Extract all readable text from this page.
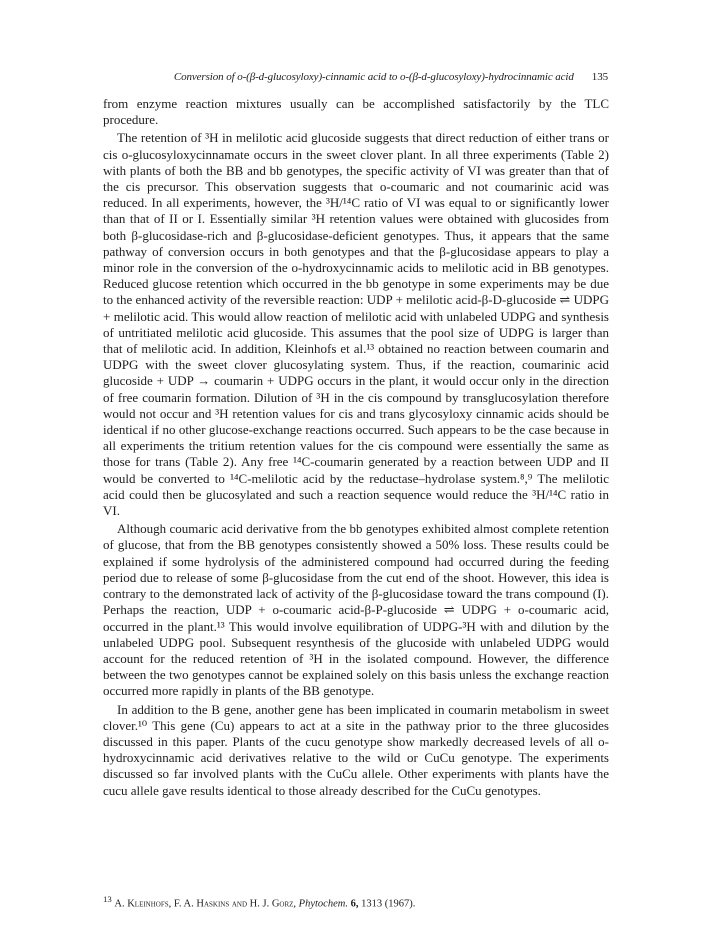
Conversion of o-(β-d-glucosyloxy)-cinnamic acid to o-(β-d-glucosyloxy)-hydrocinnamic acid 135

from enzyme reaction mixtures usually can be accomplished satisfactorily by the TLC procedure.

The retention of ³H in melilotic acid glucoside suggests that direct reduction of either trans or cis o-glucosyloxycinnamate occurs in the sweet clover plant. In all three experiments (Table 2) with plants of both the BB and bb genotypes, the specific activity of VI was greater than that of the cis precursor. This observation suggests that o-coumaric and not coumarinic acid was reduced. In all experiments, however, the ³H/¹⁴C ratio of VI was equal to or significantly lower than that of II or I. Essentially similar ³H retention values were obtained with glucosides from both β-glucosidase-rich and β-glucosidase-deficient genotypes. Thus, it appears that the same pathway of conversion occurs in both genotypes and that the β-glucosidase appears to play a minor role in the conversion of the o-hydroxycinnamic acids to melilotic acid in BB genotypes. Reduced glucose retention which occurred in the bb genotype in some experiments may be due to the enhanced activity of the reversible reaction: UDP + melilotic acid-β-D-glucoside ⇌ UDPG + melilotic acid. This would allow reaction of melilotic acid with unlabeled UDPG and synthesis of untritiated melilotic acid glucoside. This assumes that the pool size of UDPG is larger than that of melilotic acid. In addition, Kleinhofs et al.¹³ obtained no reaction between coumarin and UDPG with the sweet clover glucosylating system. Thus, if the reaction, coumarinic acid glucoside + UDP → coumarin + UDPG occurs in the plant, it would occur only in the direction of free coumarin formation. Dilution of ³H in the cis compound by transglucosylation therefore would not occur and ³H retention values for cis and trans glycosyloxy cinnamic acids should be identical if no other glucose-exchange reactions occurred. Such appears to be the case because in all experiments the tritium retention values for the cis compound were essentially the same as those for trans (Table 2). Any free ¹⁴C-coumarin generated by a reaction between UDP and II would be converted to ¹⁴C-melilotic acid by the reductase–hydrolase system.⁸,⁹ The melilotic acid could then be glucosylated and such a reaction sequence would reduce the ³H/¹⁴C ratio in VI.

Although coumaric acid derivative from the bb genotypes exhibited almost complete retention of glucose, that from the BB genotypes consistently showed a 50% loss. These results could be explained if some hydrolysis of the administered compound had occurred during the feeding period due to release of some β-glucosidase from the cut end of the shoot. However, this idea is contrary to the demonstrated lack of activity of the β-glucosidase toward the trans compound (I). Perhaps the reaction, UDP + o-coumaric acid-β-P-glucoside ⇌ UDPG + o-coumaric acid, occurred in the plant.¹³ This would involve equilibration of UDPG-³H with and dilution by the unlabeled UDPG pool. Subsequent resynthesis of the glucoside with unlabeled UDPG would account for the reduced retention of ³H in the isolated compound. However, the difference between the two genotypes cannot be explained solely on this basis unless the exchange reaction occurred more rapidly in plants of the BB genotype.

In addition to the B gene, another gene has been implicated in coumarin metabolism in sweet clover.¹⁰ This gene (Cu) appears to act at a site in the pathway prior to the three glucosides discussed in this paper. Plants of the cucu genotype show markedly decreased levels of all o-hydroxycinnamic acid derivatives relative to the wild or CuCu genotype. The experiments discussed so far involved plants with the CuCu allele. Other experiments with plants have the cucu allele gave results identical to those already described for the CuCu genotypes.

$^{13}$ A. Kleinhofs, F. A. Haskins and H. J. Gorz, Phytochem. 6, 1313 (1967).
